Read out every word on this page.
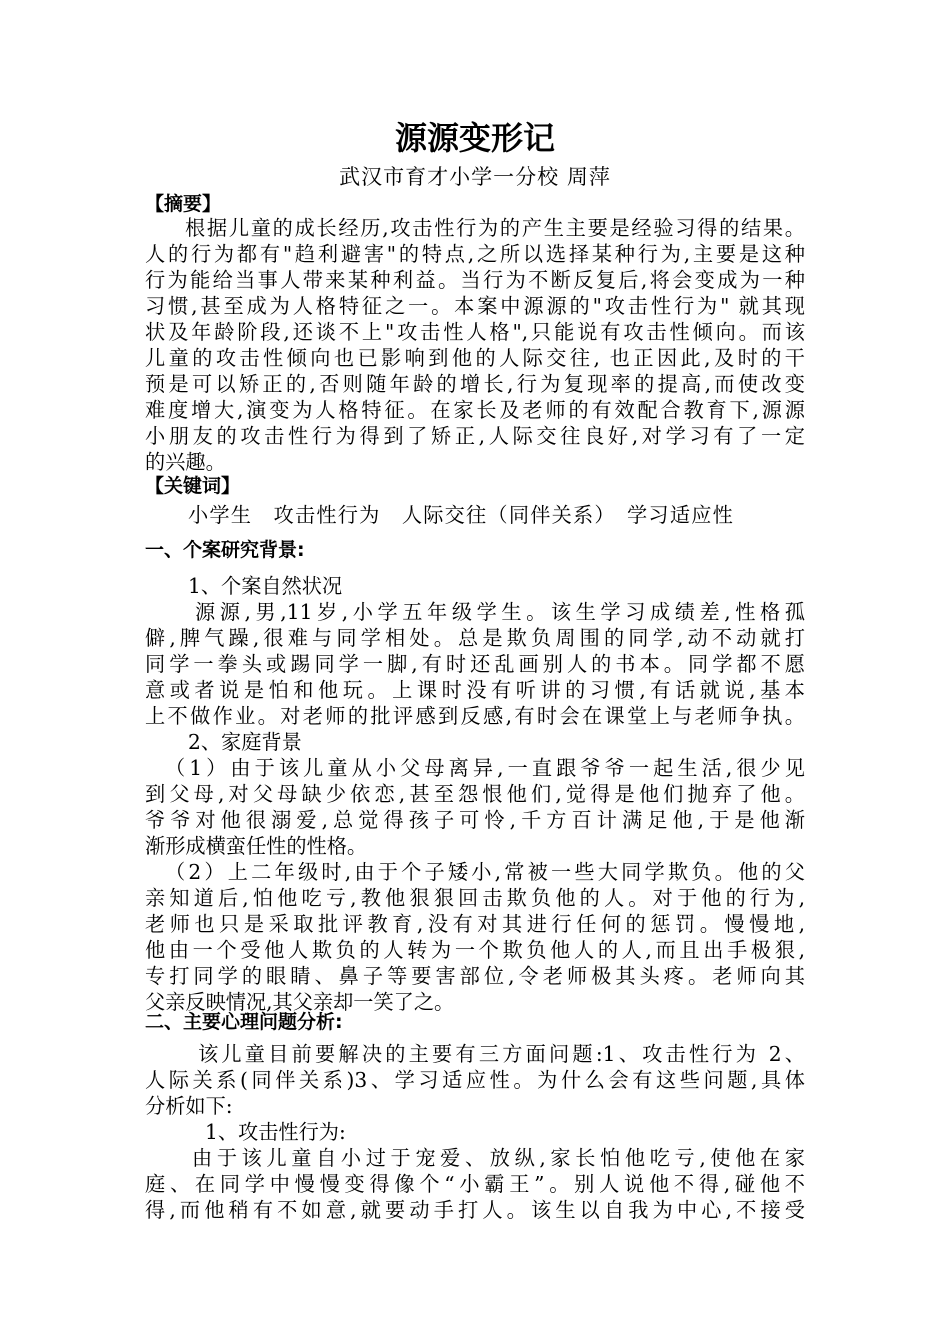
源源变形记
武汉市育才小学一分校 周萍
【摘要】
根据儿童的成长经历,攻击性行为的产生主要是经验习得的结果。
人的行为都有"趋利避害"的特点,之所以选择某种行为,主要是这种
行为能给当事人带来某种利益。当行为不断反复后,将会变成为一种
习惯,甚至成为人格特征之一。本案中源源的"攻击性行为" 就其现
状及年龄阶段,还谈不上"攻击性人格",只能说有攻击性倾向。而该
儿童的攻击性倾向也已影响到他的人际交往, 也正因此,及时的干
预是可以矫正的,否则随年龄的增长,行为复现率的提高,而使改变
难度增大,演变为人格特征。在家长及老师的有效配合教育下,源源
小朋友的攻击性行为得到了矫正,人际交往良好,对学习有了一定
的兴趣。
【关键词】
小学生　攻击性行为　人际交往（同伴关系）　学习适应性
一、个案研究背景:
1、个案自然状况
源源,男,11岁,小学五年级学生。该生学习成绩差,性格孤
僻,脾气躁,很难与同学相处。总是欺负周围的同学,动不动就打
同学一拳头或踢同学一脚,有时还乱画别人的书本。同学都不愿
意或者说是怕和他玩。上课时没有听讲的习惯,有话就说,基本
上不做作业。对老师的批评感到反感,有时会在课堂上与老师争执。
2、家庭背景
（1）由于该儿童从小父母离异,一直跟爷爷一起生活,很少见
到父母,对父母缺少依恋,甚至怨恨他们,觉得是他们抛弃了他。
爷爷对他很溺爱,总觉得孩子可怜,千方百计满足他,于是他渐
渐形成横蛮任性的性格。
（2）上二年级时,由于个子矮小,常被一些大同学欺负。他的父
亲知道后,怕他吃亏,教他狠狠回击欺负他的人。对于他的行为,
老师也只是采取批评教育,没有对其进行任何的惩罚。慢慢地,
他由一个受他人欺负的人转为一个欺负他人的人,而且出手极狠,
专打同学的眼睛、鼻子等要害部位,令老师极其头疼。老师向其
父亲反映情况,其父亲却一笑了之。
二、主要心理问题分析:
该儿童目前要解决的主要有三方面问题:1、攻击性行为 2、
人际关系(同伴关系)3、学习适应性。为什么会有这些问题,具体
分析如下:
1、攻击性行为:
由于该儿童自小过于宠爱、放纵,家长怕他吃亏,使他在家
庭、在同学中慢慢变得像个“小霸王”。别人说他不得,碰他不
得,而他稍有不如意,就要动手打人。该生以自我为中心,不接受
